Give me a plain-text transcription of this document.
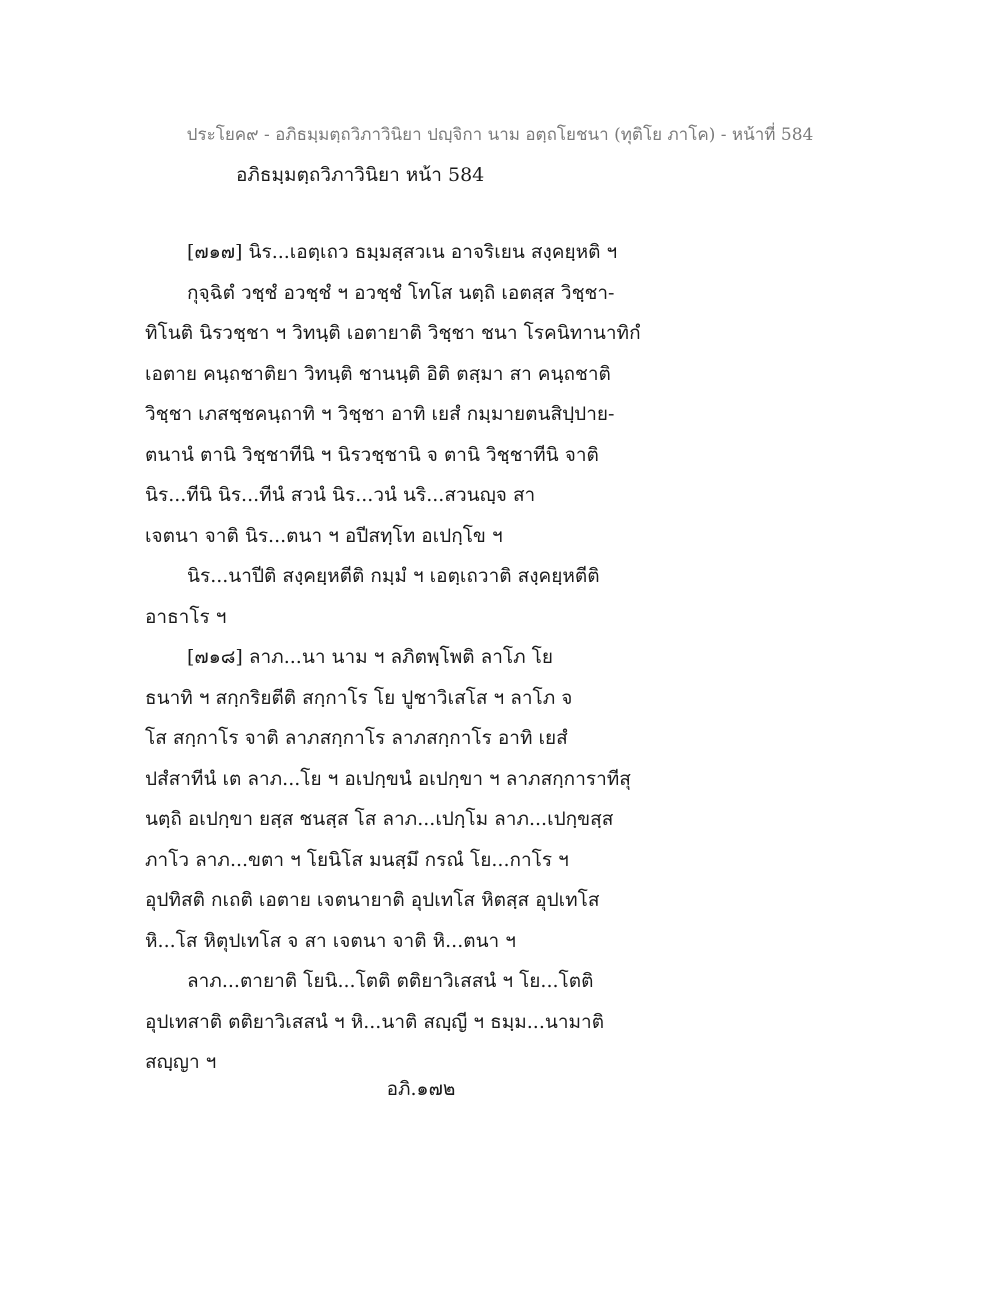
ประโยค๙ - อภิธมฺมตฺถวิภาวินิยา ปญฺจิกา นาม อตฺถโยชนา (ทุติโย ภาโค) - หน้าที่ 584
อภิธมฺมตฺถวิภาวินิยา หน้า 584

[๗๑๗] นิร...เอตฺเถว ธมฺมสฺสวเน อาจริเยน สงฺคยฺหติ ฯ

กุจฺฉิตํ วชฺชํ อวชฺชํ ฯ อวชฺชํ โทโส นตฺถิ เอตสฺส วิชฺชา-

ทิโนติ นิรวชฺชา ฯ วิทนฺติ เอตายาติ วิชฺชา ชนา โรคนิทานาทิกํ

เอตาย คนฺถชาติยา วิทนฺติ ชานนฺติ อิติ ตสฺมา สา คนฺถชาติ

วิชฺชา เภสชฺชคนฺถาทิ ฯ วิชฺชา อาทิ เยสํ กมฺมายตนสิปฺปาย-

ตนานํ ตานิ วิชฺชาทีนิ ฯ นิรวชฺชานิ จ ตานิ วิชฺชาทีนิ จาติ

นิร...ทีนิ นิร...ทีนํ สวนํ นิร...วนํ นริ...สวนญฺจ สา

เจตนา จาติ นิร...ตนา ฯ อปีสทฺโท อเปกฺโข ฯ

นิร...นาปีติ สงฺคยฺหตีติ กมฺมํ ฯ เอตฺเถวาติ สงฺคยฺหตีติ

อาธาโร ฯ

[๗๑๘] ลาภ...นา นาม ฯ ลภิตพฺโพติ ลาโภ โย

ธนาทิ ฯ สกฺกริยตีติ สกฺกาโร โย ปูชาวิเสโส ฯ ลาโภ จ

โส สกฺกาโร จาติ ลาภสกฺกาโร ลาภสกฺกาโร อาทิ เยสํ

ปสํสาทีนํ เต ลาภ...โย ฯ อเปกฺขนํ อเปกฺขา ฯ ลาภสกฺการาทีสุ

นตฺถิ อเปกฺขา ยสฺส ชนสฺส โส ลาภ...เปกฺโม ลาภ...เปกฺขสฺส

ภาโว ลาภ...ขตา ฯ โยนิโส มนสฺมึ กรณํ โย...กาโร ฯ

อุปทิสติ กเถติ เอตาย เจตนายาติ อุปเทโส หิตสฺส อุปเทโส

หิ...โส หิตุปเทโส จ สา เจตนา จาติ หิ...ตนา ฯ

ลาภ...ตายาติ โยนิ...โตติ ตติยาวิเสสนํ ฯ โย...โตติ

อุปเทสาติ ตติยาวิเสสนํ ฯ หิ...นาติ สญฺญี ฯ ธมฺม...นามาติ

สญฺญา ฯ

อภิ.๑๗๒
